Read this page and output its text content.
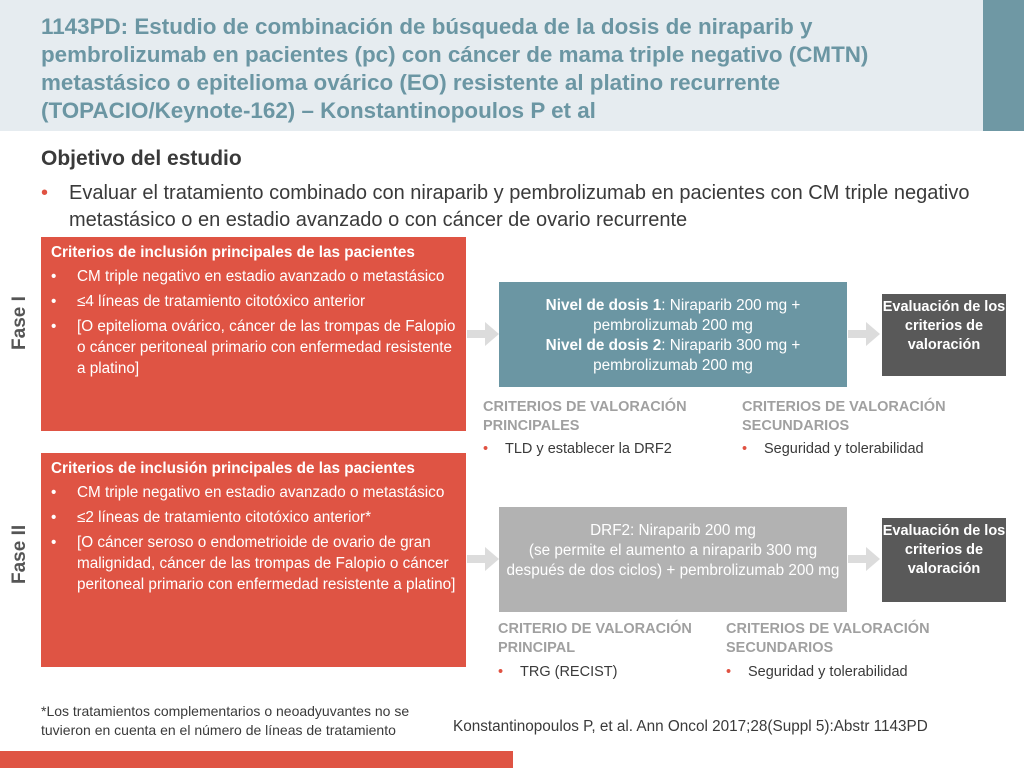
1143PD: Estudio de combinación de búsqueda de la dosis de niraparib y pembrolizumab en pacientes (pc) con cáncer de mama triple negativo (CMTN) metastásico o epitelioma ovárico (EO) resistente al platino recurrente (TOPACIO/Keynote-162) – Konstantinopoulos P et al
Objetivo del estudio
•	Evaluar el tratamiento combinado con niraparib y pembrolizumab en pacientes con CM triple negativo metastásico o en estadio avanzado o con cáncer de ovario recurrente
Fase I
Criterios de inclusión principales de las pacientes
•	CM triple negativo en estadio avanzado o metastásico
•	≤4 líneas de tratamiento citotóxico anterior
•	[O epitelioma ovárico, cáncer de las trompas de Falopio o cáncer peritoneal primario con enfermedad resistente a platino]
Nivel de dosis 1: Niraparib 200 mg + pembrolizumab 200 mg
Nivel de dosis 2: Niraparib 300 mg + pembrolizumab 200 mg
Evaluación de los criterios de valoración
CRITERIOS DE VALORACIÓN PRINCIPALES
•	TLD y establecer la DRF2
CRITERIOS DE VALORACIÓN SECUNDARIOS
•	Seguridad y tolerabilidad
Fase II
Criterios de inclusión principales de las pacientes
•	CM triple negativo en estadio avanzado o metastásico
•	≤2 líneas de tratamiento citotóxico anterior*
•	[O cáncer seroso o endometrioide de ovario de gran malignidad, cáncer de las trompas de Falopio o cáncer peritoneal primario con enfermedad resistente a platino]
DRF2: Niraparib 200 mg
(se permite el aumento a niraparib 300 mg después de dos ciclos) + pembrolizumab 200 mg
Evaluación de los criterios de valoración
CRITERIO DE VALORACIÓN PRINCIPAL
•	TRG (RECIST)
CRITERIOS DE VALORACIÓN SECUNDARIOS
•	Seguridad y tolerabilidad
*Los tratamientos complementarios o neoadyuvantes no se tuvieron en cuenta en el número de líneas de tratamiento	Konstantinopoulos P, et al. Ann Oncol 2017;28(Suppl 5):Abstr 1143PD
